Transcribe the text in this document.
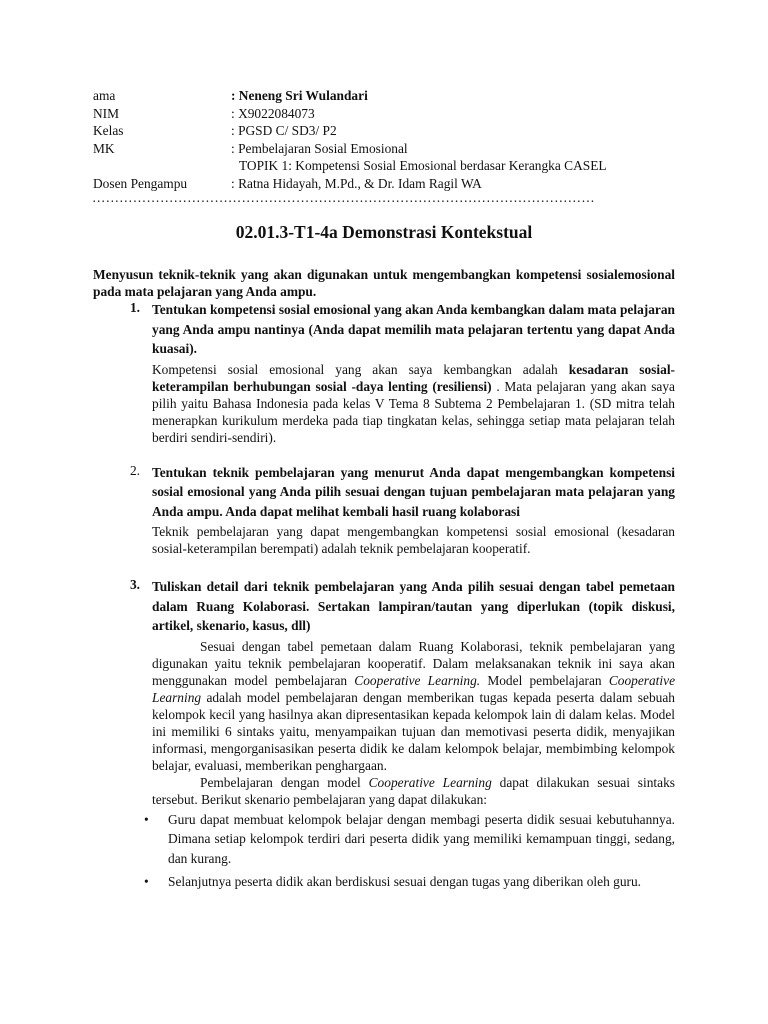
ama	: Neneng Sri Wulandari
NIM	: X9022084073
Kelas	: PGSD C/ SD3/ P2
MK	: Pembelajaran Sosial Emosional
TOPIK 1: Kompetensi Sosial Emosional berdasar Kerangka CASEL
Dosen Pengampu	: Ratna Hidayah, M.Pd., & Dr. Idam Ragil WA
…………………………………………………………………………………………………
02.01.3-T1-4a Demonstrasi Kontekstual

Menyusun teknik-teknik yang akan digunakan untuk mengembangkan kompetensi sosialemosional pada mata pelajaran yang Anda ampu.

1. Tentukan kompetensi sosial emosional yang akan Anda kembangkan dalam mata pelajaran yang Anda ampu nantinya (Anda dapat memilih mata pelajaran tertentu yang dapat Anda kuasai).

Kompetensi sosial emosional yang akan saya kembangkan adalah kesadaran sosial-keterampilan berhubungan sosial -daya lenting (resiliensi) . Mata pelajaran yang akan saya pilih yaitu Bahasa Indonesia pada kelas V Tema 8 Subtema 2 Pembelajaran 1. (SD mitra telah menerapkan kurikulum merdeka pada tiap tingkatan kelas, sehingga setiap mata pelajaran telah berdiri sendiri-sendiri).

2. Tentukan teknik pembelajaran yang menurut Anda dapat mengembangkan kompetensi sosial emosional yang Anda pilih sesuai dengan tujuan pembelajaran mata pelajaran yang Anda ampu. Anda dapat melihat kembali hasil ruang kolaborasi

Teknik pembelajaran yang dapat mengembangkan kompetensi sosial emosional (kesadaran sosial-keterampilan berempati) adalah teknik pembelajaran kooperatif.

3. Tuliskan detail dari teknik pembelajaran yang Anda pilih sesuai dengan tabel pemetaan dalam Ruang Kolaborasi. Sertakan lampiran/tautan yang diperlukan (topik diskusi, artikel, skenario, kasus, dll)

Sesuai dengan tabel pemetaan dalam Ruang Kolaborasi, teknik pembelajaran yang digunakan yaitu teknik pembelajaran kooperatif. Dalam melaksanakan teknik ini saya akan menggunakan model pembelajaran Cooperative Learning. Model pembelajaran Cooperative Learning adalah model pembelajaran dengan memberikan tugas kepada peserta dalam sebuah kelompok kecil yang hasilnya akan dipresentasikan kepada kelompok lain di dalam kelas. Model ini memiliki 6 sintaks yaitu, menyampaikan tujuan dan memotivasi peserta didik, menyajikan informasi, mengorganisasikan peserta didik ke dalam kelompok belajar, membimbing kelompok belajar, evaluasi, memberikan penghargaan.

Pembelajaran dengan model Cooperative Learning dapat dilakukan sesuai sintaks tersebut. Berikut skenario pembelajaran yang dapat dilakukan:

•	Guru dapat membuat kelompok belajar dengan membagi peserta didik sesuai kebutuhannya. Dimana setiap kelompok terdiri dari peserta didik yang memiliki kemampuan tinggi, sedang, dan kurang.
•	Selanjutnya peserta didik akan berdiskusi sesuai dengan tugas yang diberikan oleh guru.
